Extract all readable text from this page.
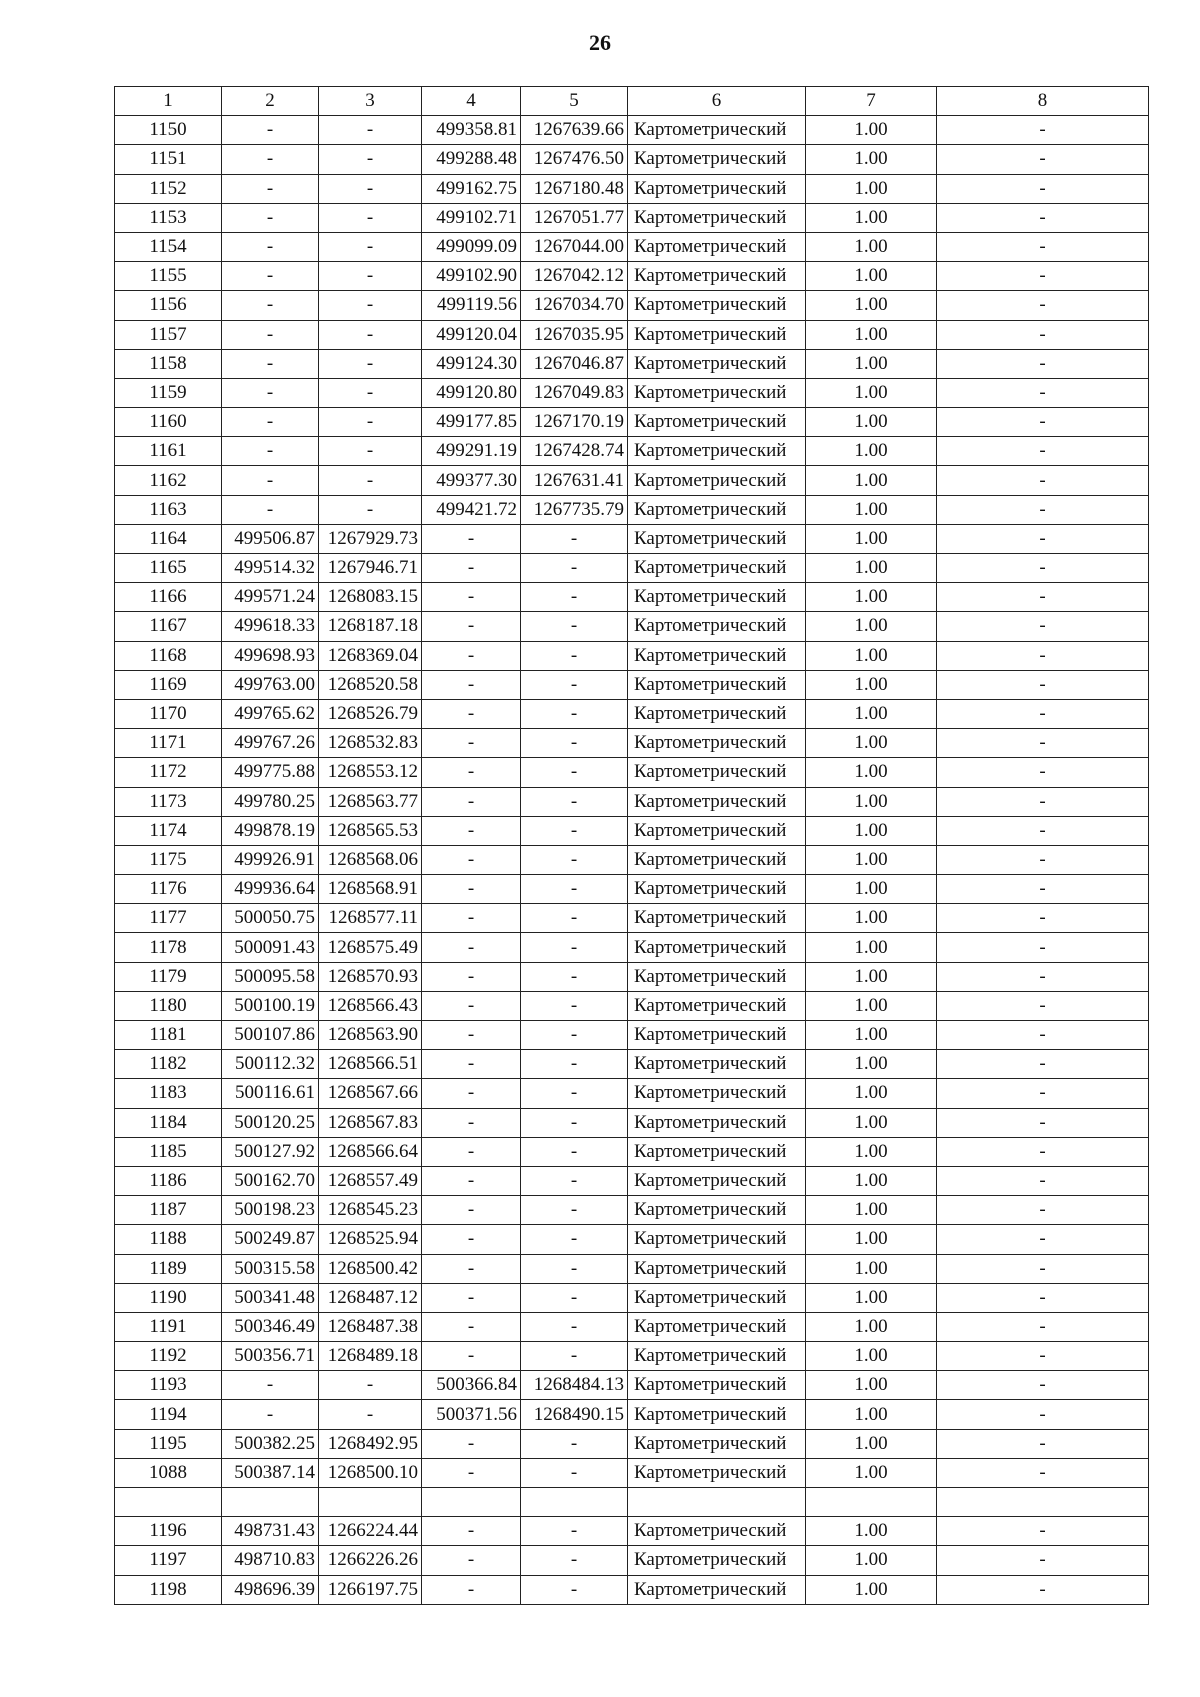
26
1	2	3	4	5	6	7	8
1150	-	-	499358.81	1267639.66	Картометрический	1.00	-
1151	-	-	499288.48	1267476.50	Картометрический	1.00	-
1152	-	-	499162.75	1267180.48	Картометрический	1.00	-
1153	-	-	499102.71	1267051.77	Картометрический	1.00	-
1154	-	-	499099.09	1267044.00	Картометрический	1.00	-
1155	-	-	499102.90	1267042.12	Картометрический	1.00	-
1156	-	-	499119.56	1267034.70	Картометрический	1.00	-
1157	-	-	499120.04	1267035.95	Картометрический	1.00	-
1158	-	-	499124.30	1267046.87	Картометрический	1.00	-
1159	-	-	499120.80	1267049.83	Картометрический	1.00	-
1160	-	-	499177.85	1267170.19	Картометрический	1.00	-
1161	-	-	499291.19	1267428.74	Картометрический	1.00	-
1162	-	-	499377.30	1267631.41	Картометрический	1.00	-
1163	-	-	499421.72	1267735.79	Картометрический	1.00	-
1164	499506.87	1267929.73	-	-	Картометрический	1.00	-
1165	499514.32	1267946.71	-	-	Картометрический	1.00	-
1166	499571.24	1268083.15	-	-	Картометрический	1.00	-
1167	499618.33	1268187.18	-	-	Картометрический	1.00	-
1168	499698.93	1268369.04	-	-	Картометрический	1.00	-
1169	499763.00	1268520.58	-	-	Картометрический	1.00	-
1170	499765.62	1268526.79	-	-	Картометрический	1.00	-
1171	499767.26	1268532.83	-	-	Картометрический	1.00	-
1172	499775.88	1268553.12	-	-	Картометрический	1.00	-
1173	499780.25	1268563.77	-	-	Картометрический	1.00	-
1174	499878.19	1268565.53	-	-	Картометрический	1.00	-
1175	499926.91	1268568.06	-	-	Картометрический	1.00	-
1176	499936.64	1268568.91	-	-	Картометрический	1.00	-
1177	500050.75	1268577.11	-	-	Картометрический	1.00	-
1178	500091.43	1268575.49	-	-	Картометрический	1.00	-
1179	500095.58	1268570.93	-	-	Картометрический	1.00	-
1180	500100.19	1268566.43	-	-	Картометрический	1.00	-
1181	500107.86	1268563.90	-	-	Картометрический	1.00	-
1182	500112.32	1268566.51	-	-	Картометрический	1.00	-
1183	500116.61	1268567.66	-	-	Картометрический	1.00	-
1184	500120.25	1268567.83	-	-	Картометрический	1.00	-
1185	500127.92	1268566.64	-	-	Картометрический	1.00	-
1186	500162.70	1268557.49	-	-	Картометрический	1.00	-
1187	500198.23	1268545.23	-	-	Картометрический	1.00	-
1188	500249.87	1268525.94	-	-	Картометрический	1.00	-
1189	500315.58	1268500.42	-	-	Картометрический	1.00	-
1190	500341.48	1268487.12	-	-	Картометрический	1.00	-
1191	500346.49	1268487.38	-	-	Картометрический	1.00	-
1192	500356.71	1268489.18	-	-	Картометрический	1.00	-
1193	-	-	500366.84	1268484.13	Картометрический	1.00	-
1194	-	-	500371.56	1268490.15	Картометрический	1.00	-
1195	500382.25	1268492.95	-	-	Картометрический	1.00	-
1088	500387.14	1268500.10	-	-	Картометрический	1.00	-

1196	498731.43	1266224.44	-	-	Картометрический	1.00	-
1197	498710.83	1266226.26	-	-	Картометрический	1.00	-
1198	498696.39	1266197.75	-	-	Картометрический	1.00	-
